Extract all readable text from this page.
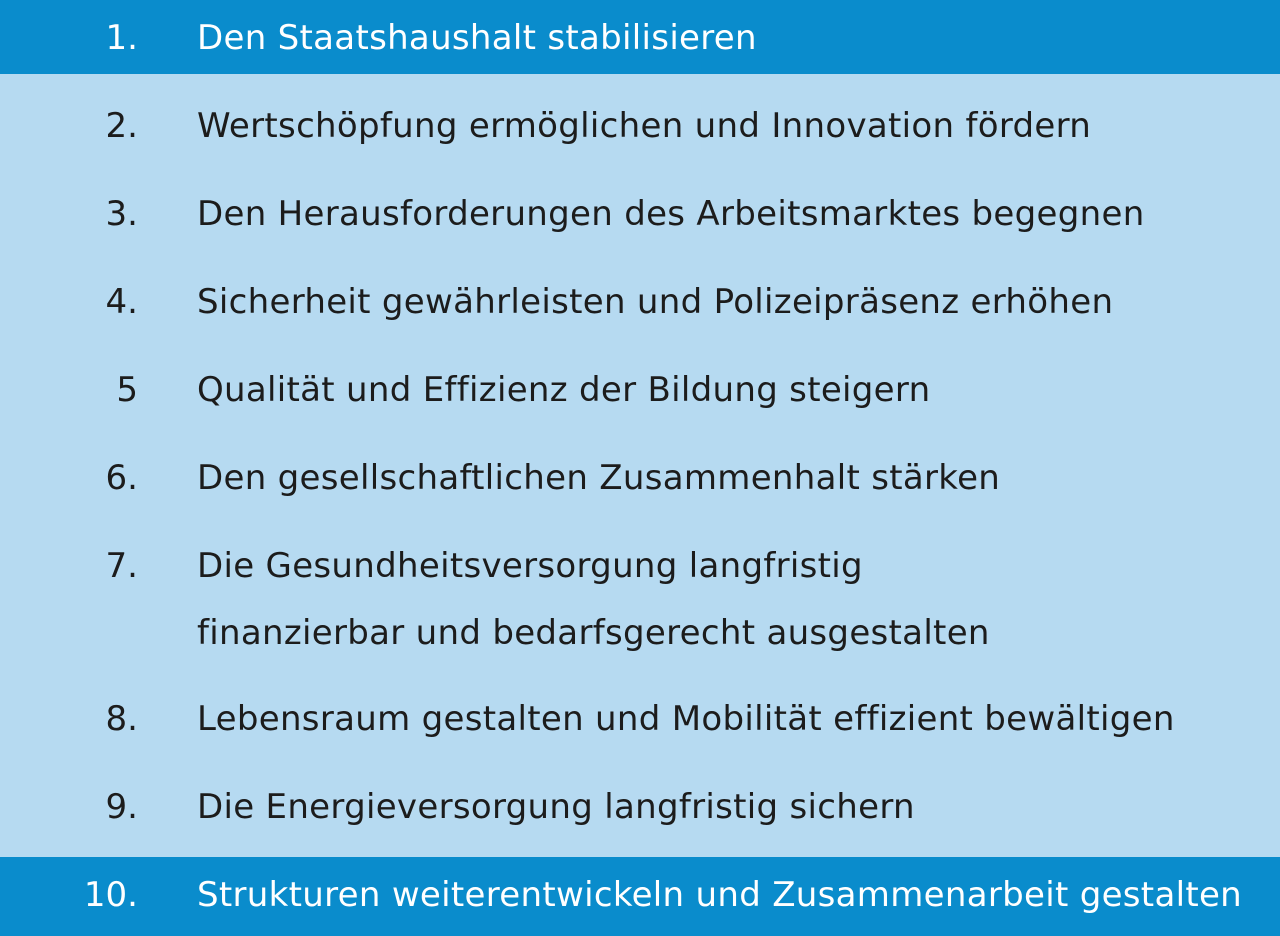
1. Den Staatshaushalt stabilisieren
2. Wertschöpfung ermöglichen und Innovation fördern
3. Den Herausforderungen des Arbeitsmarktes begegnen
4. Sicherheit gewährleisten und Polizeipräsenz erhöhen
5 Qualität und Effizienz der Bildung steigern
6. Den gesellschaftlichen Zusammenhalt stärken
7. Die Gesundheitsversorgung langfristig
finanzierbar und bedarfsgerecht ausgestalten
8. Lebensraum gestalten und Mobilität effizient bewältigen
9. Die Energieversorgung langfristig sichern
10. Strukturen weiterentwickeln und Zusammenarbeit gestalten
